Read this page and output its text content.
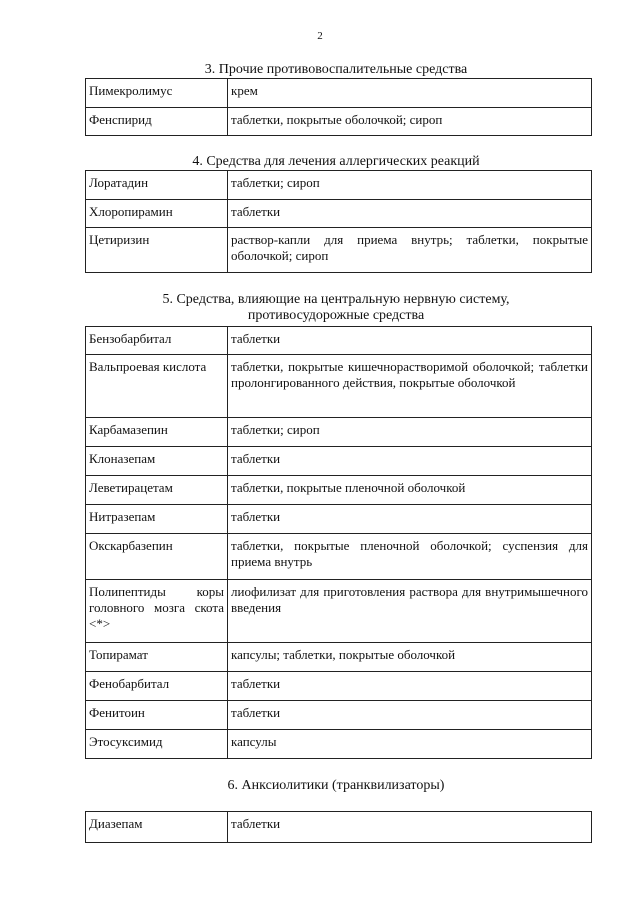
2
3. Прочие противовоспалительные средства
Пимекролимус	крем
Фенспирид	таблетки, покрытые оболочкой; сироп
4. Средства для лечения аллергических реакций
Лоратадин	таблетки; сироп
Хлоропирамин	таблетки
Цетиризин	раствор-капли для приема внутрь; таблетки, покрытые оболочкой; сироп
5. Средства, влияющие на центральную нервную систему,
противосудорожные средства
Бензобарбитал	таблетки
Вальпроевая кислота	таблетки, покрытые кишечнорастворимой оболочкой; таблетки пролонгированного действия, покрытые оболочкой
Карбамазепин	таблетки; сироп
Клоназепам	таблетки
Леветирацетам	таблетки, покрытые пленочной оболочкой
Нитразепам	таблетки
Окскарбазепин	таблетки, покрытые пленочной оболочкой; суспензия для приема внутрь
Полипептиды коры головного мозга скота <*>	лиофилизат для приготовления раствора для внутримышечного введения
Топирамат	капсулы; таблетки, покрытые оболочкой
Фенобарбитал	таблетки
Фенитоин	таблетки
Этосуксимид	капсулы
6. Анксиолитики (транквилизаторы)
Диазепам	таблетки
